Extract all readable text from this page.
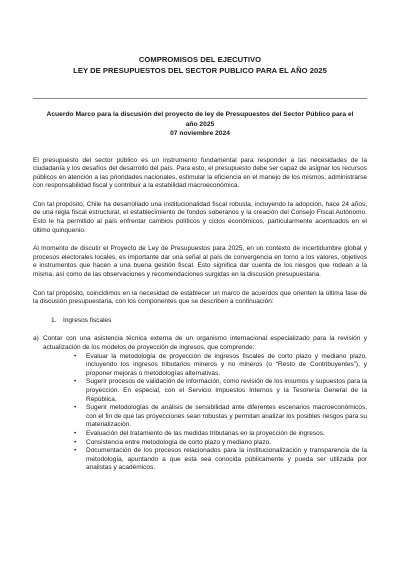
COMPROMISOS DEL EJECUTIVO
LEY DE PRESUPUESTOS DEL SECTOR PUBLICO PARA EL AÑO 2025
Acuerdo Marco para la discusión del proyecto de ley de Presupuestos del Sector Público para el año 2025
07 noviembre 2024

El presupuesto del sector público es un instrumento fundamental para responder a las necesidades de la ciudadanía y los desafíos del desarrollo del país. Para esto, el presupuesto debe ser capaz de asignar los recursos públicos en atención a las prioridades nacionales, estimular la eficiencia en el manejo de los mismos, administrarse con responsabilidad fiscal y contribuir a la estabilidad macroeconómica.

Con tal propósito, Chile ha desarrollado una institucionalidad fiscal robusta, incluyendo la adopción, hace 24 años, de una regla fiscal estructural, el establecimiento de fondos soberanos y la creación del Consejo Fiscal Autónomo. Esto le ha permitido al país enfrentar cambios políticos y ciclos económicos, particularmente acentuados en el último quinquenio.

Al momento de discutir el Proyecto de Ley de Presupuestos para 2025, en un contexto de incertidumbre global y procesos electorales locales, es importante dar una señal al país de convergencia en torno a los valores, objetivos e instrumentos que hacen a una buena gestión fiscal. Esto significa dar cuenta de los riesgos que rodean a la misma, así como de las observaciones y recomendaciones surgidas en la discusión presupuestaria.

Con tal propósito, coincidimos en la necesidad de establecer un marco de acuerdos que orienten la última fase de la discusión presupuestaria, con los componentes que se describen a continuación:

1.	Ingresos fiscales
a) Contar con una asistencia técnica externa de un organismo internacional especializado para la revisión y actualización de los modelos de proyección de ingresos, que comprende:
• Evaluar la metodología de proyección de ingresos fiscales de corto plazo y mediano plazo, incluyendo los ingresos tributarios mineros y no mineros (o “Resto de Contribuyentes”), y proponer mejoras o metodologías alternativas.
• Sugerir procesos de validación de información, como revisión de los insumos y supuestos para la proyección. En especial, con el Servicio Impuestos Internos y la Tesorería General de la República.
• Sugerir metodologías de análisis de sensibilidad ante diferentes escenarios macroeconómicos, con el fin de que las proyecciones sean robustas y permitan analizar los posibles riesgos para su materialización.
• Evaluación del tratamiento de las medidas tributarias en la proyección de ingresos.
• Consistencia entre metodología de corto plazo y mediano plazo.
• Documentación de los procesos relacionados para la institucionalización y transparencia de la metodología, apuntando a que esta sea conocida públicamente y pueda ser utilizada por analistas y académicos.
